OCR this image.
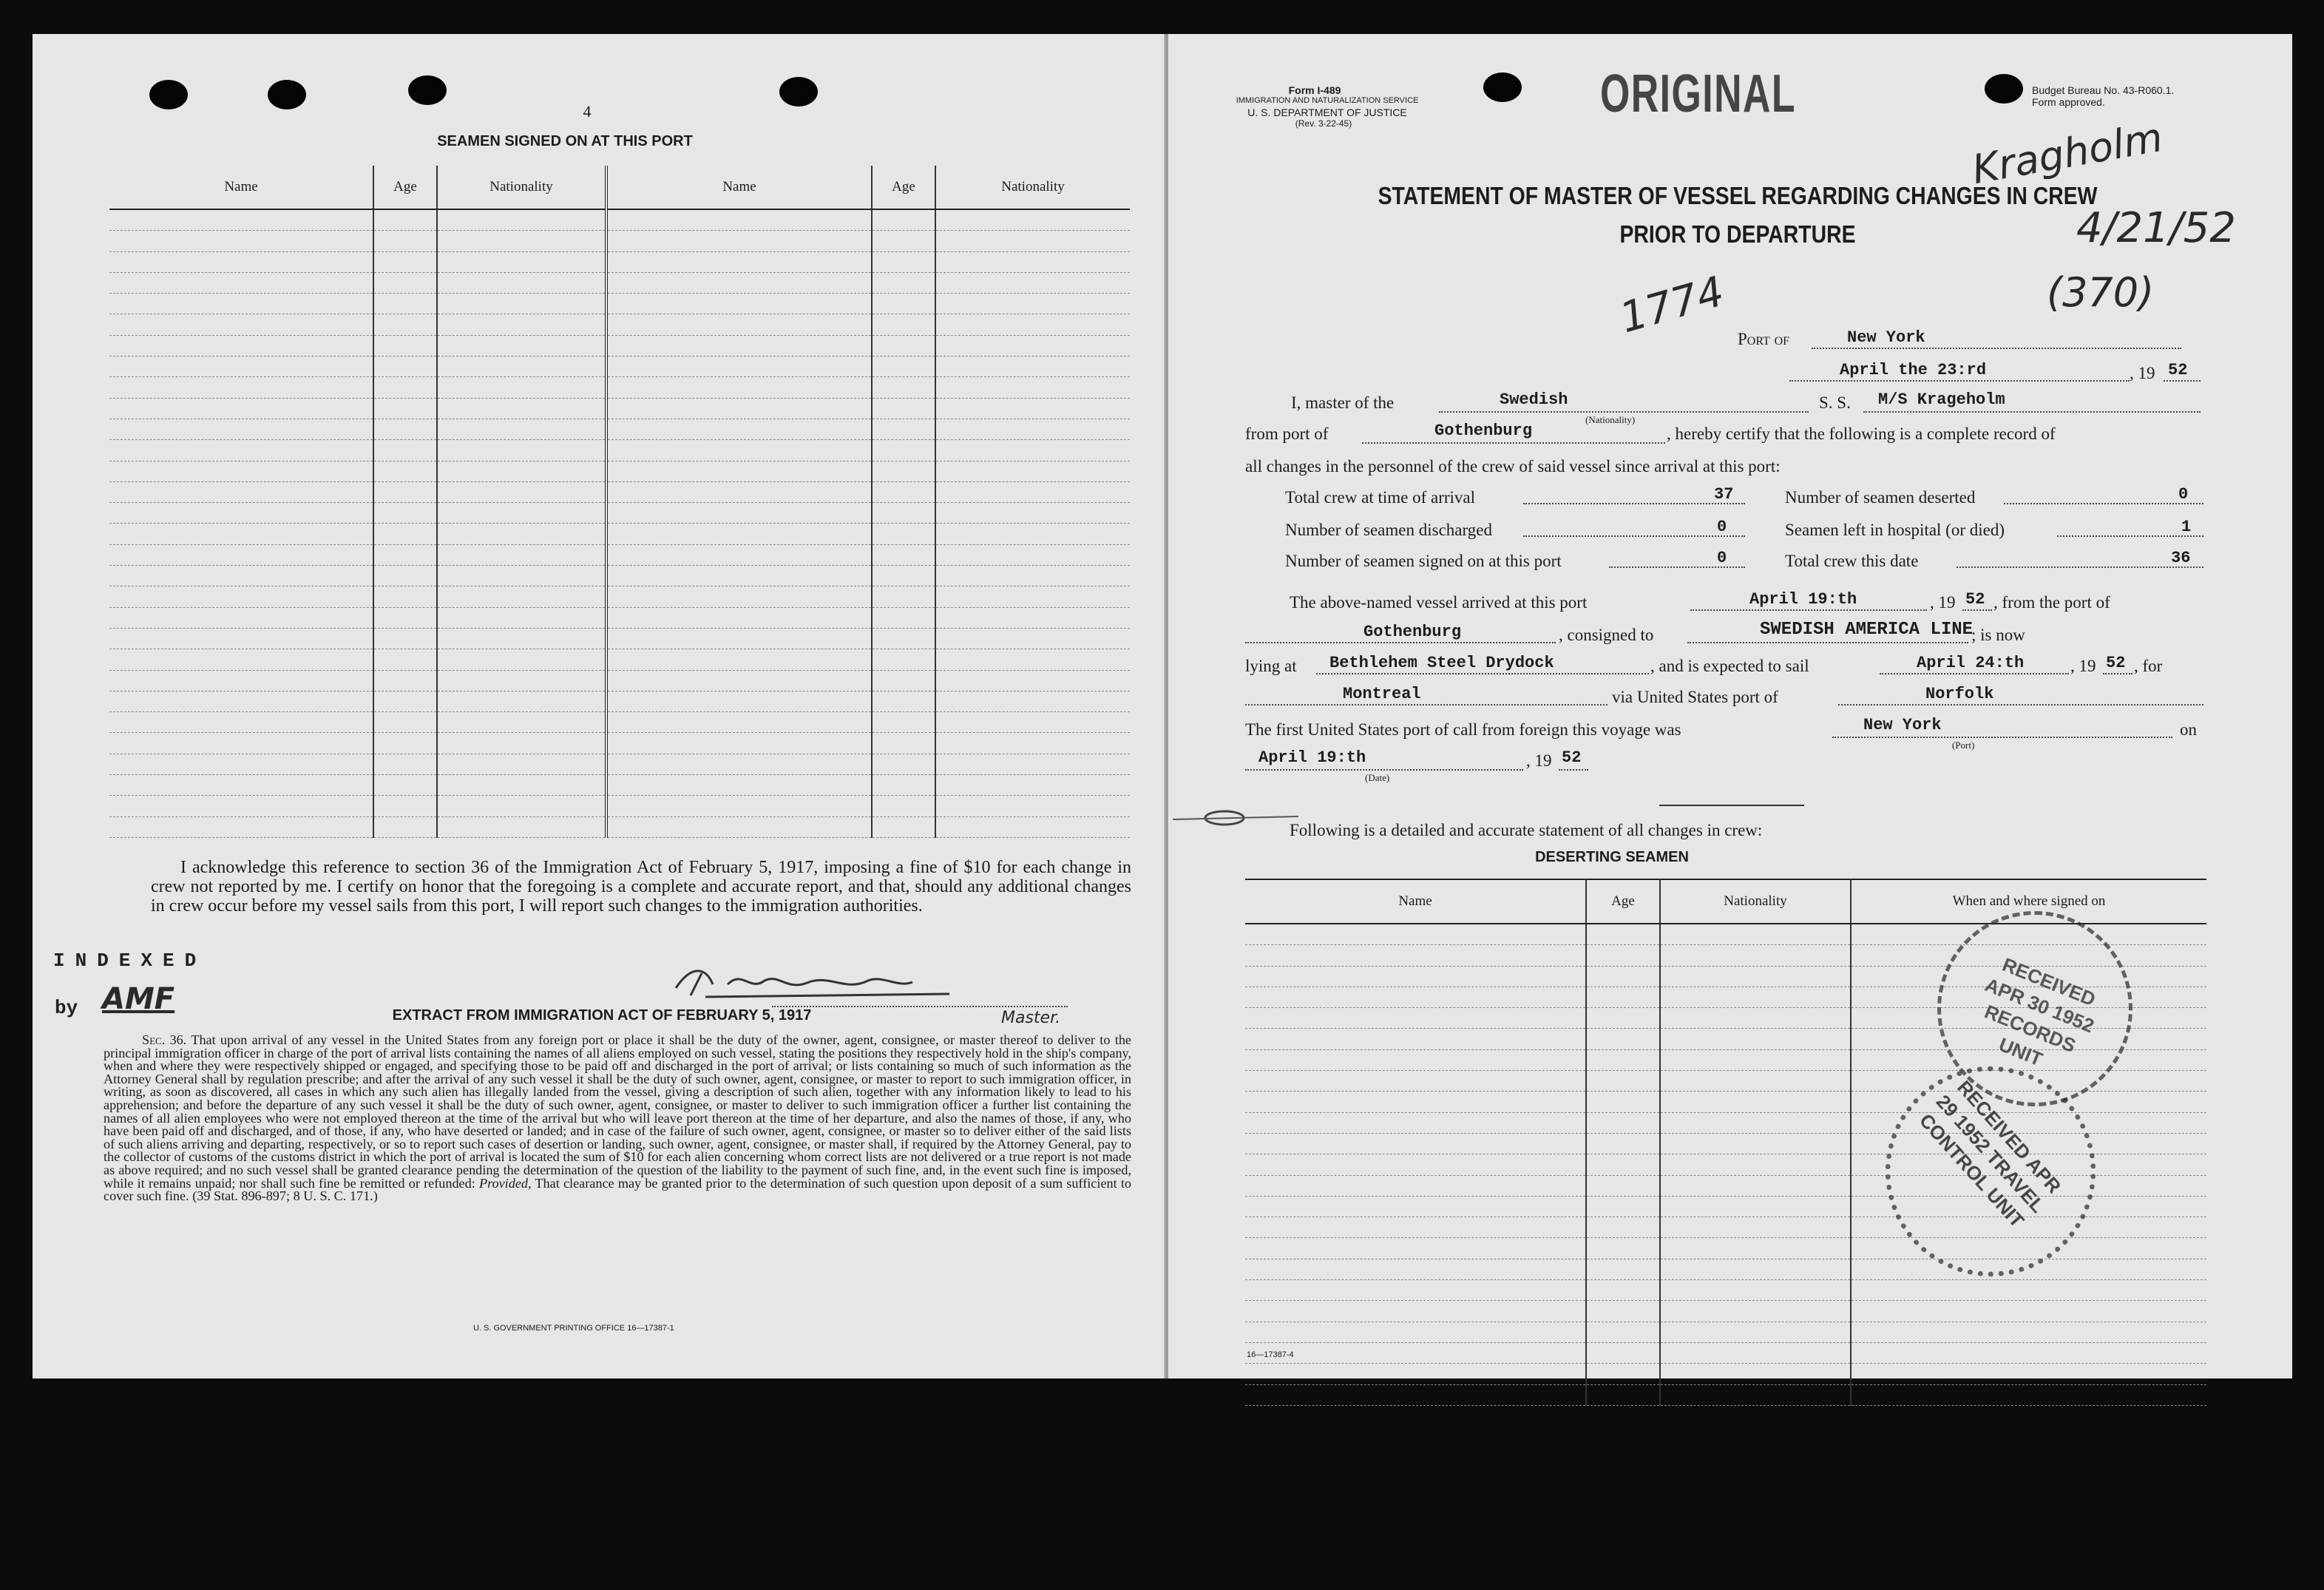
4
SEAMEN SIGNED ON AT THIS PORT
Name	Age	Nationality	Name	Age	Nationality

I acknowledge this reference to section 36 of the Immigration Act of February 5, 1917, imposing a fine of $10 for each change in crew not reported by me. I certify on honor that the foregoing is a complete and accurate report, and that, should any additional changes in crew occur before my vessel sails from this port, I will report such changes to the immigration authorities.
Master.
INDEXED
by AMF	EXTRACT FROM IMMIGRATION ACT OF FEBRUARY 5, 1917
Sec. 36. That upon arrival of any vessel in the United States from any foreign port or place it shall be the duty of the owner, agent, consignee, or master thereof to deliver to the principal immigration officer in charge of the port of arrival lists containing the names of all aliens employed on such vessel, stating the positions they respectively hold in the ship's company, when and where they were respectively shipped or engaged, and specifying those to be paid off and discharged in the port of arrival; or lists containing so much of such information as the Attorney General shall by regulation prescribe; and after the arrival of any such vessel it shall be the duty of such owner, agent, consignee, or master to report to such immigration officer, in writing, as soon as discovered, all cases in which any such alien has illegally landed from the vessel, giving a description of such alien, together with any information likely to lead to his apprehension; and before the departure of any such vessel it shall be the duty of such owner, agent, consignee, or master to deliver to such immigration officer a further list containing the names of all alien employees who were not employed thereon at the time of the arrival but who will leave port thereon at the time of her departure, and also the names of those, if any, who have been paid off and discharged, and of those, if any, who have deserted or landed; and in case of the failure of such owner, agent, consignee, or master so to deliver either of the said lists of such aliens arriving and departing, respectively, or so to report such cases of desertion or landing, such owner, agent, consignee, or master shall, if required by the Attorney General, pay to the collector of customs of the customs district in which the port of arrival is located the sum of $10 for each alien concerning whom correct lists are not delivered or a true report is not made as above required; and no such vessel shall be granted clearance pending the determination of the question of the liability to the payment of such fine, and, in the event such fine is imposed, while it remains unpaid; nor shall such fine be remitted or refunded: Provided, That clearance may be granted prior to the determination of such question upon deposit of a sum sufficient to cover such fine. (39 Stat. 896-897; 8 U. S. C. 171.)
U. S. GOVERNMENT PRINTING OFFICE 16—17387-1
Form I-489
IMMIGRATION AND NATURALIZATION SERVICE
U. S. DEPARTMENT OF JUSTICE
(Rev. 3-22-45)	ORIGINAL	Budget Bureau No. 43-R060.1.
Form approved.
Kragholm
4/21/52
(370)
1774
STATEMENT OF MASTER OF VESSEL REGARDING CHANGES IN CREW
PRIOR TO DEPARTURE
Port of	New York
April the 23:rd	, 19 52
I, master of the	Swedish
(Nationality)
S. S. M/S Krageholm
from port of	Gothenburg	, hereby certify that the following is a complete record of
all changes in the personnel of the crew of said vessel since arrival at this port:
Total crew at time of arrival	37	Number of seamen deserted	0
Number of seamen discharged	0	Seamen left in hospital (or died)	1
Number of seamen signed on at this port	0	Total crew this date	36
The above-named vessel arrived at this port	April 19:th	, 19 52 , from the port of
Gothenburg	, consigned to	SWEDISH AMERICA LINE
; is now
lying at Bethlehem Steel Drydock	, and is expected to sail	April 24:th	, 19 52 , for
Montreal	via United States port of	Norfolk
The first United States port of call from foreign this voyage was	New York
(Port)
on
April 19:th
(Date)
, 19 52
Following is a detailed and accurate statement of all changes in crew:
DESERTING SEAMEN
Name	Age	Nationality	When and where signed on

RECEIVED APR 30 1952 RECORDS UNIT
RECEIVED APR 29 1952 TRAVEL CONTROL UNIT
16—17387-4
